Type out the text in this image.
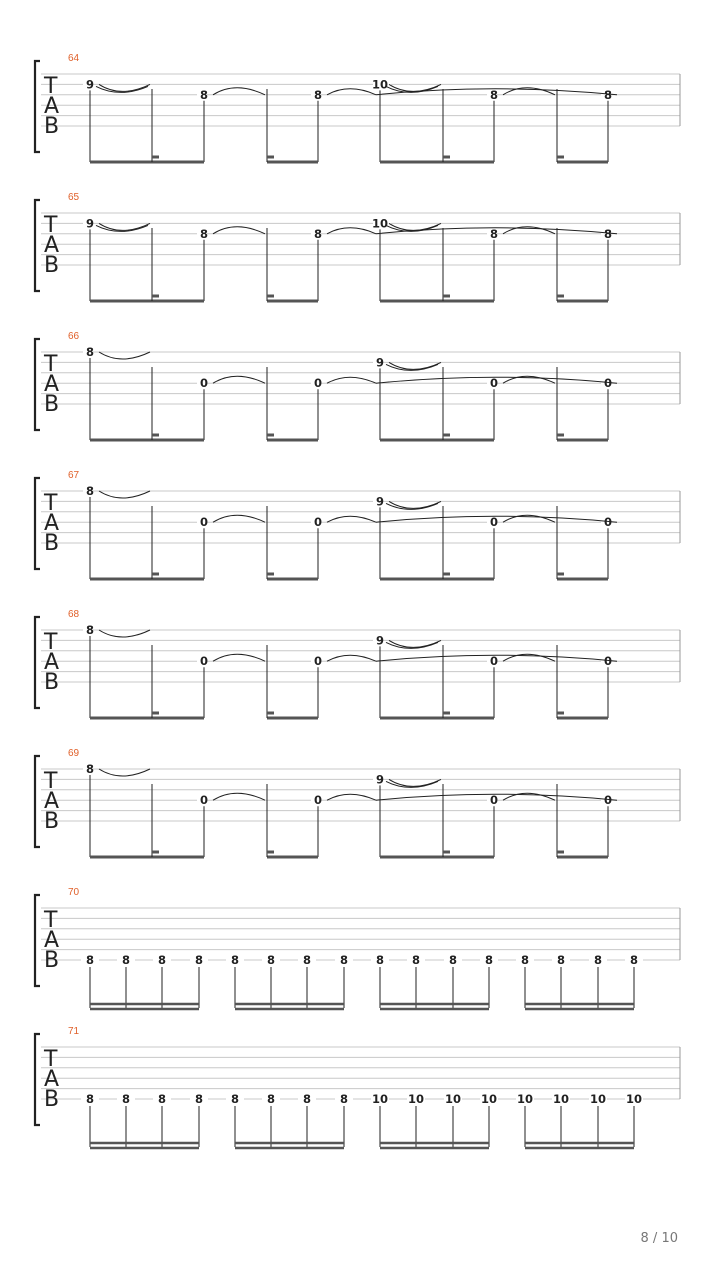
64
T
A
B
9
8	8
10
8	8
65
T
A
B
9
8	8
10
8	8
66
T
A
B
8
0	0
9
0	0
67
T
A
B
8
0	0
9
0	0
68
T
A
B
8
0	0
9
0	0
69
T
A
B
8
0	0
9
0	0
70
T
A
B 8 8 8	8 8 8 8	8 8 8	8 8 8 8	8 8
71
T
A
B 8 8 8	8 8 8 8	8 10 10 10 10 10 10 10 10
8 / 10
